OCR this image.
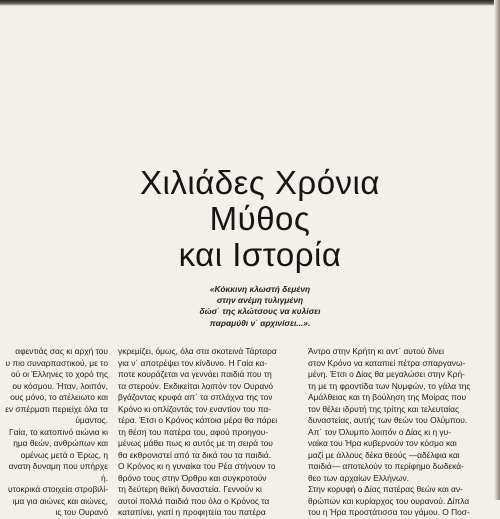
Χιλιάδες Χρόνια
Μύθος
και Ιστορία
«Κόκκινη κλωστή δεμένη
στην ανέμη τυλιγμένη
δώσ΄ της κλώτσους να κυλίσει
παραμύθι ν΄ αρχινίσει...».
αφεντιάς σας κι αρχή του
υ πιο συναρπαστικού, με το
ού οι Έλληνες το χορό της
ου κόσμου. Ήταν, λοιπόν,
ους μόνο, το ατέλειωτο και
εν σπέρματι περιείχε όλα τα
ύμαντος.
Γαία, το κατοπινό αιώνια κι
ημα θεών, ανθρώπων και
ομένως μετά ο Έρως, η
ανατη δυναμη που υπήρχε
ή.
υτοκρικά στοιχεία στροβιλί-
ιμα για αιώνες και αιώνες,
ις του Ουρανό
γκρεμίζει, όμως, όλα στα σκοτεινά Τάρταρα
για ν΄ αποτρέψει τον κίνδυνο. Η Γαία κα-
ποτε κουράζεται να γεννάει παιδιά που τη
τα στερούν. Εκδικείται λοιπόν τον Ουρανό
βγάζοντας κρυφά απ΄ τα σπλάχνα της τον
Κρόνο κι οπλίζοντάς τον εναντίον του πα-
τέρα. Έτσι ο Κρόνος κάποια μέρα θα πάρει
τη θέση του πατέρα του, αφού προηγου-
μένως μάθει πως κι αυτός με τη σειρά του
θα εκθρονιστεί από τα δικά του τα παιδιά.
Ο Κρόνος κι η γυναίκα του Ρέα στήνουν το
θρόνο τους στην Όρθρυ και συγκροτούν
τη δεύτερη θεϊκή δυναστεία. Γεννούν κι
αυτοί πολλά παιδιά που όλα ο Κρόνος τα
καταπίνει, γιατί η προφητεία του πατέρα
Άντρο στην Κρήτη κι αντ΄ αυτού δίνει
στον Κρόνο να καταπιεί πέτρα σπαργανω-
μένη. Έτσι ο Δίας θα μεγαλώσει στην Κρή-
τη με τη φροντίδα των Νυμφών, το γάλα της
Αμάλθειας και τη βούληση της Μοίρας που
τον θέλει ιδρυτή της τρίτης και τελευταίας
δυναστείας, αυτής των θεών του Ολύμπου.
Απ΄ τον Όλυμπο λοιπόν ο Δίας κι η γυ-
ναίκα του Ήρα κυβερνούν τον κόσμο και
μαζί με άλλους δέκα θεούς —αδέλφια και
παιδιά— αποτελούν το περίφημο δωδεκά-
θεο των αρχαίων Ελλήνων.
Στην κορυφή ο Δίας πατέρας θεών και αν-
θρώπων και κυρίαρχος του ουρανού. Δίπλα
του η Ήρα προστάτισσα του γάμου. Ο Ποσ-
